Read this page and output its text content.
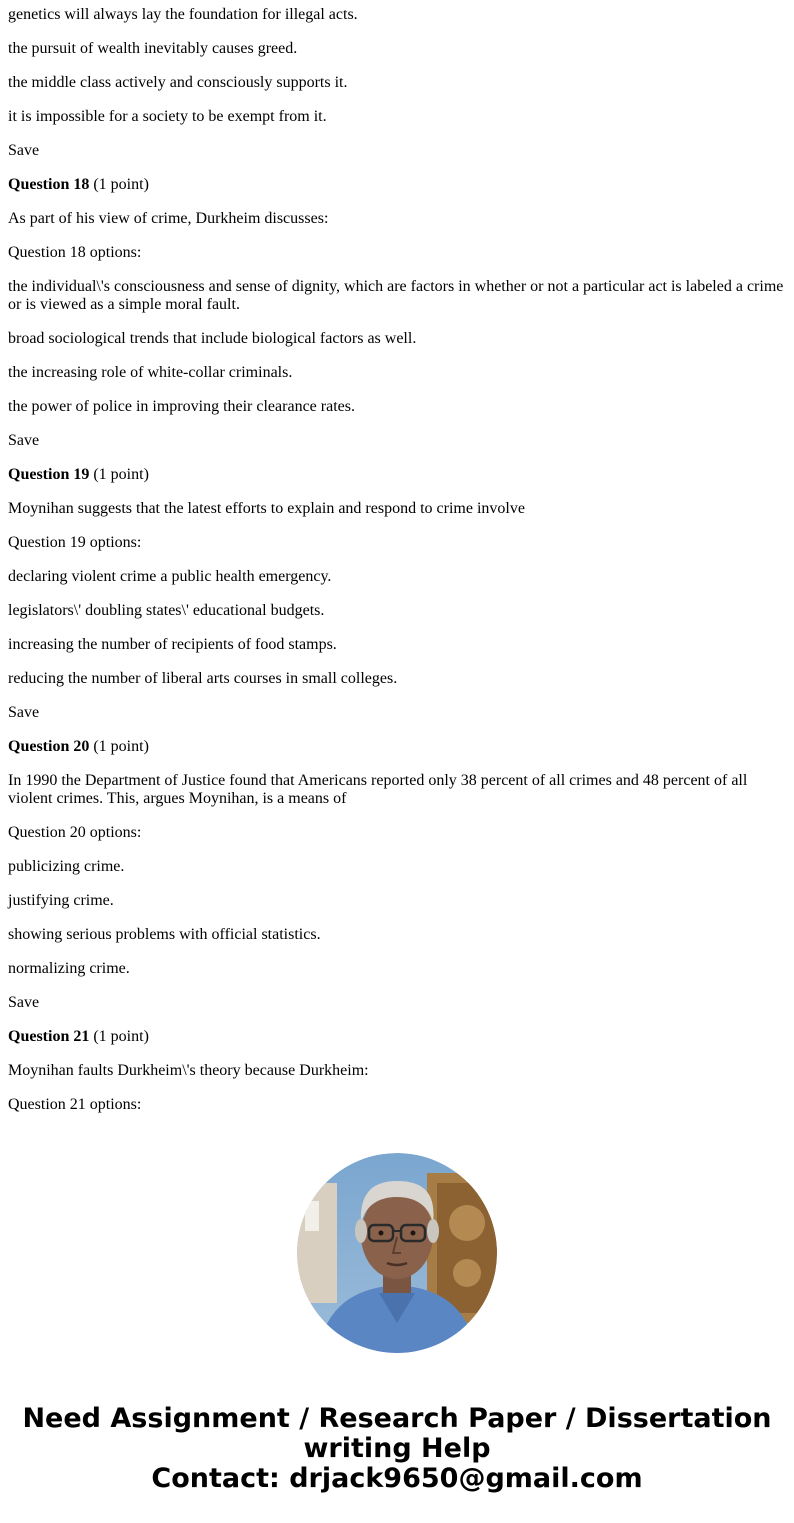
genetics will always lay the foundation for illegal acts.

the pursuit of wealth inevitably causes greed.

the middle class actively and consciously supports it.

it is impossible for a society to be exempt from it.

Save

Question 18 (1 point)

As part of his view of crime, Durkheim discusses:

Question 18 options:

the individual\'s consciousness and sense of dignity, which are factors in whether or not a particular act is labeled a crime or is viewed as a simple moral fault.

broad sociological trends that include biological factors as well.

the increasing role of white-collar criminals.

the power of police in improving their clearance rates.

Save

Question 19 (1 point)

Moynihan suggests that the latest efforts to explain and respond to crime involve

Question 19 options:

declaring violent crime a public health emergency.

legislators\' doubling states\' educational budgets.

increasing the number of recipients of food stamps.

reducing the number of liberal arts courses in small colleges.

Save

Question 20 (1 point)

In 1990 the Department of Justice found that Americans reported only 38 percent of all crimes and 48 percent of all violent crimes. This, argues Moynihan, is a means of

Question 20 options:

publicizing crime.

justifying crime.

showing serious problems with official statistics.

normalizing crime.

Save

Question 21 (1 point)

Moynihan faults Durkheim\'s theory because Durkheim:

Question 21 options:

Need Assignment / Research Paper / Dissertation
writing Help
Contact: drjack9650@gmail.com
